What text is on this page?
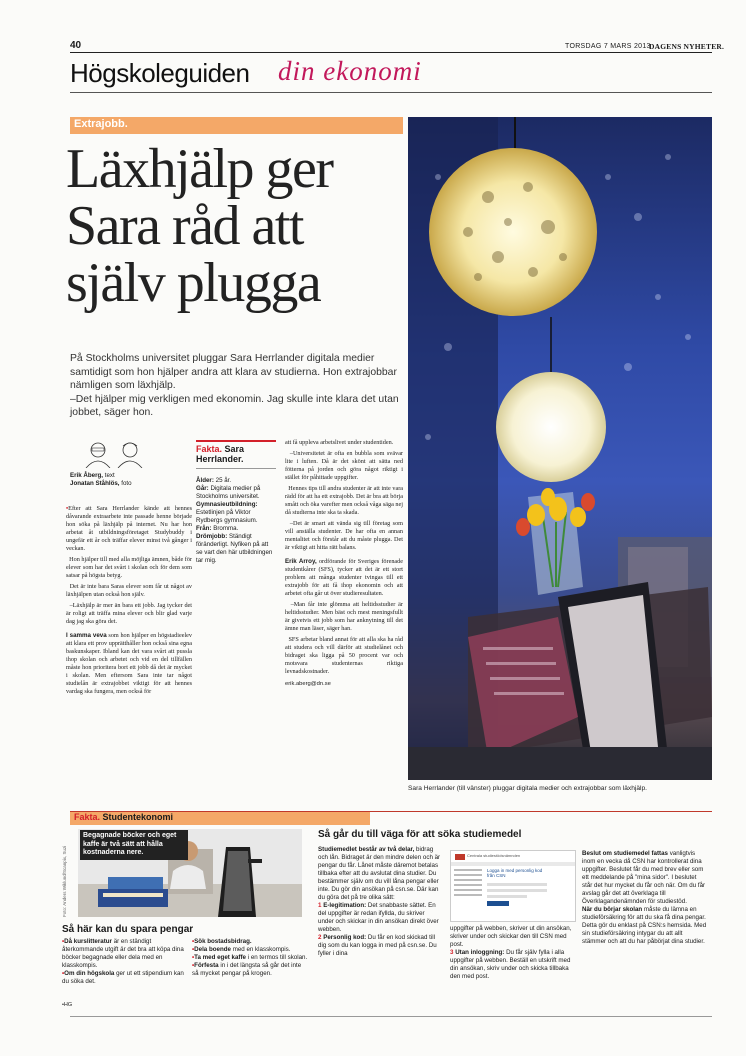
40	TORSDAG 7 MARS 2013
DAGENS NYHETER.
Högskoleguiden din ekonomi
Extrajobb.
Läxhjälp ger
Sara råd att
själv plugga

På Stockholms universitet pluggar Sara Herrlander digitala medier samtidigt som hon hjälper andra att klara av studierna. Hon extrajobbar nämligen som läxhjälp.

–Det hjälper mig verkligen med ekonomin. Jag skulle inte klara det utan jobbet, säger hon.

Erik Åberg, text
Jonatan Ståhlös, foto

•Efter att Sara Herrlander kände att hennes dåvarande extraarbete inte passade henne började hon söka på läxhjälp på internet. Nu har hon arbetat åt utbildningsföretaget Studybuddy i ungefär ett år och träffar elever minst två gånger i veckan.

Hon hjälper till med alla möjliga ämnen, både för elever som har det svårt i skolan och för dem som satsar på högsta betyg.

Det är inte bara Saras elever som får ut något av läxhjälpen utan också hon själv.

–Läxhjälp är mer än bara ett jobb. Jag tycker det är roligt att träffa mina elever och blir glad varje dag jag ska göra det.

I samma veva som hon hjälper en högstadieelev att klara ett prov upprätthåller hon också sina egna baskunskaper. Ibland kan det vara svårt att pussla ihop skolan och arbetet och vid en del tillfällen måste hon prioritera bort ett jobb då det är mycket i skolan. Men eftersom Sara inte tar något studielån är extrajobbet viktigt för att hennes vardag ska fungera, men också för

Fakta. Sara Herrlander.
Ålder: 25 år.
Går: Digitala medier på Stockholms universitet.
Gymnasieutbildning: Estetlinjen på Viktor Rydbergs gymnasium.
Från: Bromma.
Drömjobb: Ständigt föränderligt. Nyfiken på att se vart den här utbildningen tar mig.

att få uppleva arbetslivet under studentiden.

–Universitetet är ofta en bubbla som svävar lite i luften. Då är det skönt att sätta ned fötterna på jorden och göra något riktigt i stället för påhittade uppgifter.

Hennes tips till andra studenter är att inte vara rädd för att ha ett extrajobb. Det är bra att börja smått och öka varefter men också våga säga nej då studierna inte ska ta skada.

–Det är smart att vända sig till företag som vill anställa studenter. De har ofta en annan mentalitet och förstår att du måste plugga. Det är viktigt att hitta rätt balans.

Erik Arroy, ordförande för Sveriges förenade studentkårer (SFS), tycker att det är ett stort problem att många studenter tvingas till ett extrajobb för att få ihop ekonomin och att arbetet ofta går ut över studieresultaten.

–Man får inte glömma att heltidsstudier är heltidsstudier. Men bäst och mest meningsfullt är givetvis ett jobb som har anknytning till det ämne man läser, säger han.

SFS arbetar bland annat för att alla ska ha råd att studera och vill därför att studielånet och bidraget ska ligga på 50 procent var och motsvara studenternas riktiga levnadskostnader.

erik.aberg@dn.se

Sara Herrlander (till vänster) pluggar digitala medier och extrajobbar som läxhjälp.
Fakta. Studentekonomi
Begagnade böcker och eget kaffe är två sätt att hålla kostnaderna nere.
Foto: Anders Wiklund/Scanpix, Suzi
Så här kan du spara pengar

•Då kurslitteratur är en ständigt återkommande utgift är det bra att köpa dina böcker begagnade eller dela med en klasskompis.

•Om din högskola ger ut ett stipendium kan du söka det.

•Sök bostadsbidrag.

•Dela boende med en klasskompis.

•Ta med eget kaffe i en termos till skolan.

•Förfesta in i det längsta så går det inte så mycket pengar på krogen.

•HG
Så går du till väga för att söka studiemedel

Studiemedlet består av två delar, bidrag och lån. Bidraget är den mindre delen och är pengar du får. Lånet måste däremot betalas tillbaka efter att du avslutat dina studier. Du bestämmer själv om du vill låna pengar eller inte. Du gör din ansökan på csn.se. Där kan du göra det på tre olika sätt:

1 E-legitimation: Det snabbaste sättet. En del uppgifter är redan ifyllda, du skriver under och skickar in din ansökan direkt över webben.

2 Personlig kod: Du får en kod skickad till dig som du kan logga in med på csn.se. Du fyller i dina

Centrala studiestödsnämnden
Logga in med personlig kod från CSN

uppgifter på webben, skriver ut din ansökan, skriver under och skickar den till CSN med post.

3 Utan inloggning: Du får själv fylla i alla uppgifter på webben. Beställ en utskrift med din ansökan, skriv under och skicka tillbaka den med post.

Beslut om studiemedel fattas vanligtvis inom en vecka då CSN har kontrollerat dina uppgifter. Beslutet får du med brev eller som ett meddelande på "mina sidor". I beslutet står det hur mycket du får och när. Om du får avslag går det att överklaga till Överklagandenämnden för studiestöd.

När du börjar skolan måste du lämna en studieförsäkring för att du ska få dina pengar. Detta gör du enklast på CSN:s hemsida. Med sin studieförsäkring intygar du att allt stämmer och att du har påbörjat dina studier.
